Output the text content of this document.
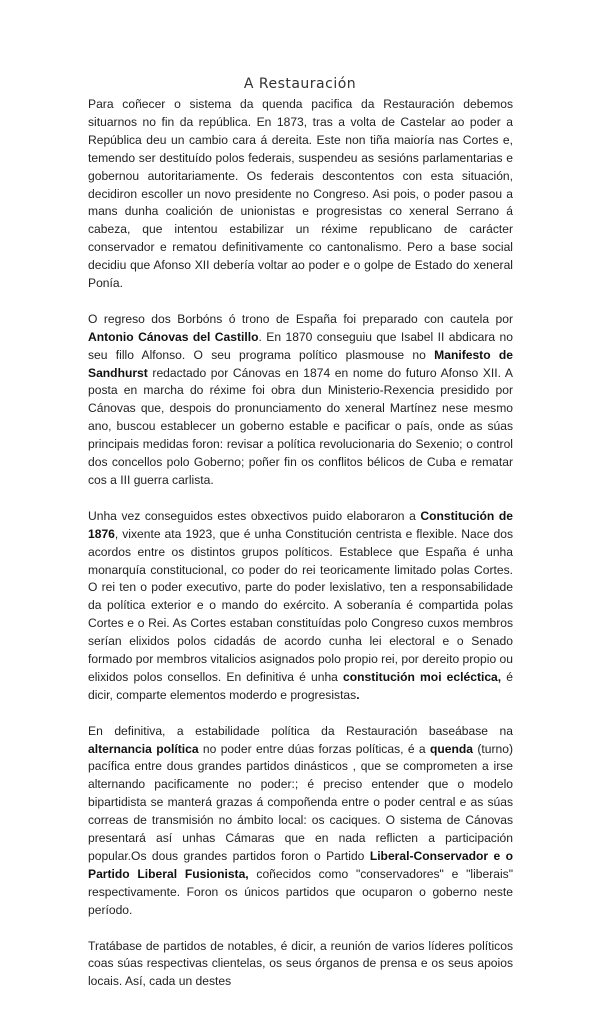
A Restauración

Para coñecer o sistema da quenda pacifica da Restauración debemos situarnos no fin da república. En 1873, tras a volta de Castelar ao poder a República deu un cambio cara á dereita. Este non tiña maioría nas Cortes e, temendo ser destituído polos federais, suspendeu as sesións parlamentarias e gobernou autoritariamente. Os federais descontentos con esta situación, decidiron escoller un novo presidente no Congreso. Asi pois, o poder pasou a mans dunha coalición de unionistas e progresistas co xeneral Serrano á cabeza, que intentou estabilizar un réxime republicano de carácter conservador e rematou definitivamente co cantonalismo. Pero a base social decidiu que Afonso XII debería voltar ao poder e o golpe de Estado do xeneral Ponía.

O regreso dos Borbóns ó trono de España foi preparado con cautela por Antonio Cánovas del Castillo. En 1870 conseguiu que Isabel II abdicara no seu fillo Alfonso. O seu programa político plasmouse no Manifesto de Sandhurst redactado por Cánovas en 1874 en nome do futuro Afonso XII. A posta en marcha do réxime foi obra dun Ministerio-Rexencia presidido por Cánovas que, despois do pronunciamento do xeneral Martínez nese mesmo ano, buscou establecer un goberno estable e pacificar o país, onde as súas principais medidas foron: revisar a política revolucionaria do Sexenio; o control dos concellos polo Goberno; poñer fin os conflitos bélicos de Cuba e rematar cos a III guerra carlista.

Unha vez conseguidos estes obxectivos puido elaboraron a Constitución de 1876, vixente ata 1923, que é unha Constitución centrista e flexible. Nace dos acordos entre os distintos grupos políticos. Establece que España é unha monarquía constitucional, co poder do rei teoricamente limitado polas Cortes. O rei ten o poder executivo, parte do poder lexislativo, ten a responsabilidade da política exterior e o mando do exército. A soberanía é compartida polas Cortes e o Rei. As Cortes estaban constituídas polo Congreso cuxos membros serían elixidos polos cidadás de acordo cunha lei electoral e o Senado formado por membros vitalicios asignados polo propio rei, por dereito propio ou elixidos polos consellos. En definitiva é unha constitución moi ecléctica, é dicir, comparte elementos moderdo e progresistas.

En definitiva, a estabilidade política da Restauración baseábase na alternancia política no poder entre dúas forzas políticas, é a quenda (turno) pacífica entre dous grandes partidos dinásticos , que se comprometen a irse alternando pacificamente no poder:; é preciso entender que o modelo bipartidista se manterá grazas á compoñenda entre o poder central e as súas correas de transmisión no ámbito local: os caciques. O sistema de Cánovas presentará así unhas Cámaras que en nada reflicten a participación popular.Os dous grandes partidos foron o Partido Liberal-Conservador e o Partido Liberal Fusionista, coñecidos como "conservadores" e "liberais" respectivamente. Foron os únicos partidos que ocuparon o goberno neste período.

Tratábase de partidos de notables, é dicir, a reunión de varios líderes políticos coas súas respectivas clientelas, os seus órganos de prensa e os seus apoios locais. Así, cada un destes
